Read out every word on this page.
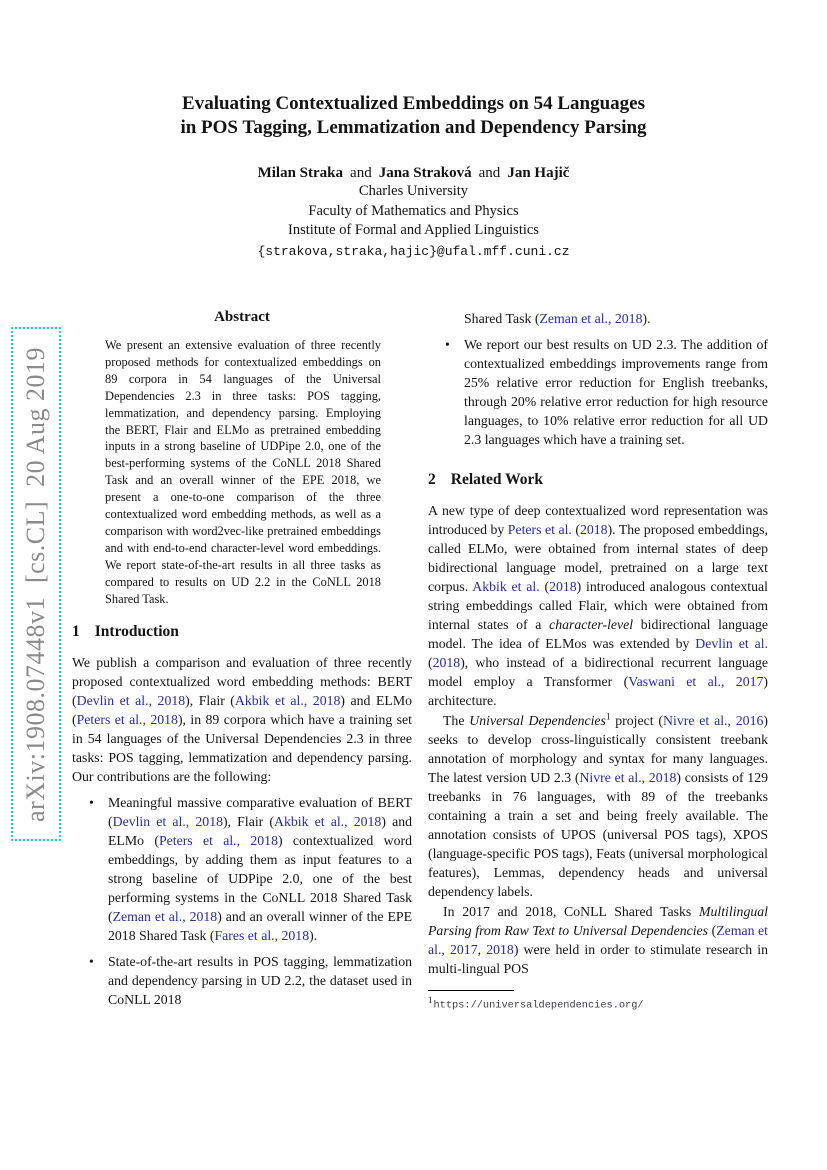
arXiv:1908.07448v1  [cs.CL]  20 Aug 2019
Evaluating Contextualized Embeddings on 54 Languages
in POS Tagging, Lemmatization and Dependency Parsing
Milan Straka and Jana Straková and Jan Hajič
Charles University
Faculty of Mathematics and Physics
Institute of Formal and Applied Linguistics
{strakova,straka,hajic}@ufal.mff.cuni.cz
Abstract

We present an extensive evaluation of three recently proposed methods for contextualized embeddings on 89 corpora in 54 languages of the Universal Dependencies 2.3 in three tasks: POS tagging, lemmatization, and dependency parsing. Employing the BERT, Flair and ELMo as pretrained embedding inputs in a strong baseline of UDPipe 2.0, one of the best-performing systems of the CoNLL 2018 Shared Task and an overall winner of the EPE 2018, we present a one-to-one comparison of the three contextualized word embedding methods, as well as a comparison with word2vec-like pretrained embeddings and with end-to-end character-level word embeddings. We report state-of-the-art results in all three tasks as compared to results on UD 2.2 in the CoNLL 2018 Shared Task.

1 Introduction

We publish a comparison and evaluation of three recently proposed contextualized word embedding methods: BERT (Devlin et al., 2018), Flair (Akbik et al., 2018) and ELMo (Peters et al., 2018), in 89 corpora which have a training set in 54 languages of the Universal Dependencies 2.3 in three tasks: POS tagging, lemmatization and dependency parsing. Our contributions are the following:

• Meaningful massive comparative evaluation of BERT (Devlin et al., 2018), Flair (Akbik et al., 2018) and ELMo (Peters et al., 2018) contextualized word embeddings, by adding them as input features to a strong baseline of UDPipe 2.0, one of the best performing systems in the CoNLL 2018 Shared Task (Zeman et al., 2018) and an overall winner of the EPE 2018 Shared Task (Fares et al., 2018).
• State-of-the-art results in POS tagging, lemmatization and dependency parsing in UD 2.2, the dataset used in CoNLL 2018

Shared Task (Zeman et al., 2018).

• We report our best results on UD 2.3. The addition of contextualized embeddings improvements range from 25% relative error reduction for English treebanks, through 20% relative error reduction for high resource languages, to 10% relative error reduction for all UD 2.3 languages which have a training set.
2 Related Work

A new type of deep contextualized word representation was introduced by Peters et al. (2018). The proposed embeddings, called ELMo, were obtained from internal states of deep bidirectional language model, pretrained on a large text corpus. Akbik et al. (2018) introduced analogous contextual string embeddings called Flair, which were obtained from internal states of a character-level bidirectional language model. The idea of ELMos was extended by Devlin et al. (2018), who instead of a bidirectional recurrent language model employ a Transformer (Vaswani et al., 2017) architecture.

The Universal Dependencies$^1$ project (Nivre et al., 2016) seeks to develop cross-linguistically consistent treebank annotation of morphology and syntax for many languages. The latest version UD 2.3 (Nivre et al., 2018) consists of 129 treebanks in 76 languages, with 89 of the treebanks containing a train a set and being freely available. The annotation consists of UPOS (universal POS tags), XPOS (language-specific POS tags), Feats (universal morphological features), Lemmas, dependency heads and universal dependency labels.

In 2017 and 2018, CoNLL Shared Tasks Multilingual Parsing from Raw Text to Universal Dependencies (Zeman et al., 2017, 2018) were held in order to stimulate research in multi-lingual POS

$^1$https://universaldependencies.org/
